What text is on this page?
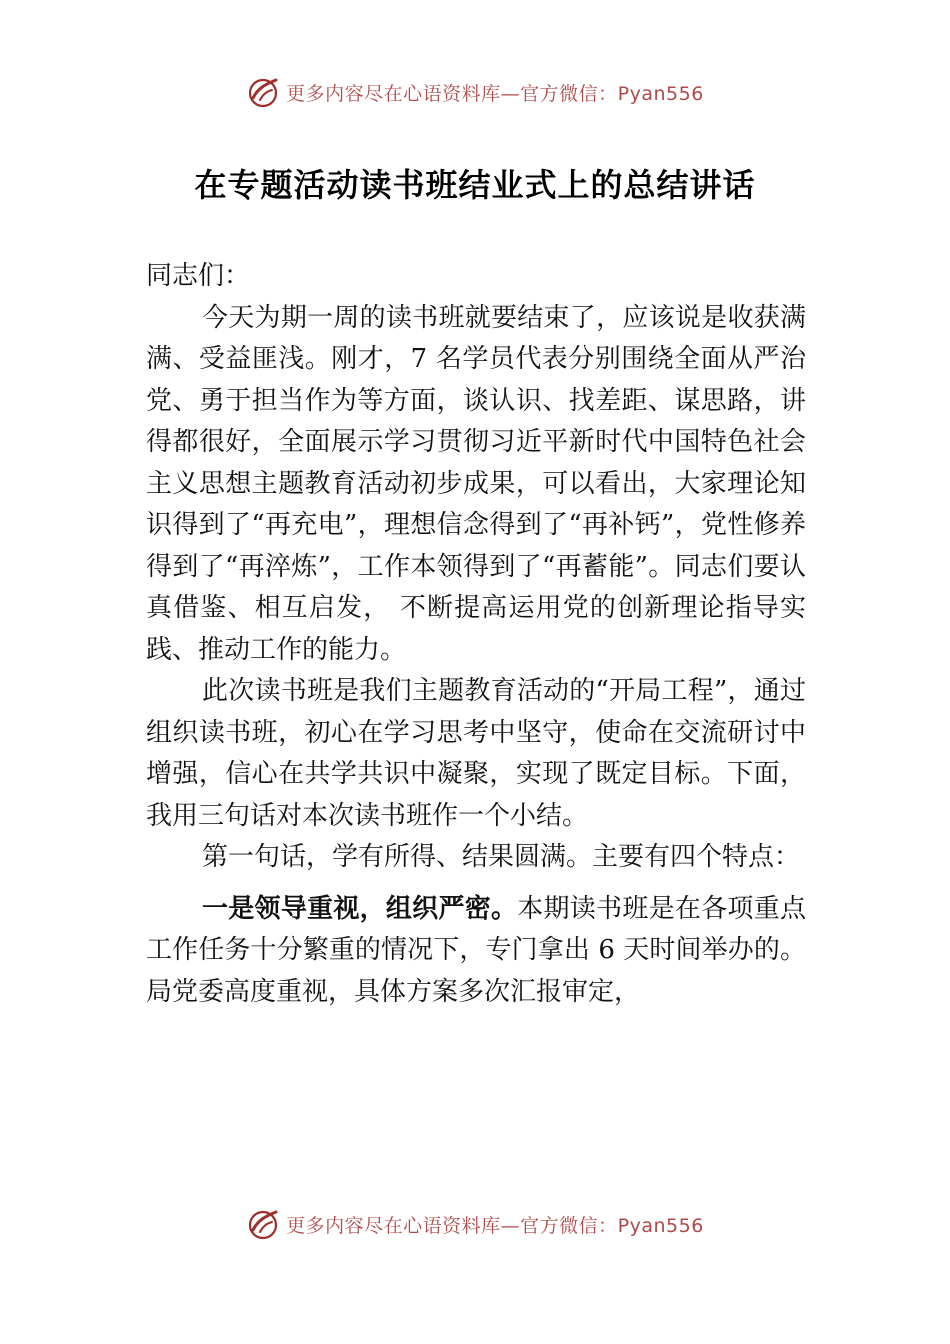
更多内容尽在心语资料库—官方微信：Pyan556
在专题活动读书班结业式上的总结讲话

同志们：

今天为期一周的读书班就要结束了，应该说是收获满满、受益匪浅。刚才，7 名学员代表分别围绕全面从严治党、勇于担当作为等方面，谈认识、找差距、谋思路，讲得都很好，全面展示学习贯彻习近平新时代中国特色社会主义思想主题教育活动初步成果，可以看出，大家理论知识得到了“再充电”，理想信念得到了“再补钙”，党性修养得到了“再淬炼”，工作本领得到了“再蓄能”。同志们要认真借鉴、相互启发， 不断提高运用党的创新理论指导实践、推动工作的能力。

此次读书班是我们主题教育活动的“开局工程”，通过组织读书班，初心在学习思考中坚守，使命在交流研讨中增强，信心在共学共识中凝聚，实现了既定目标。下面，我用三句话对本次读书班作一个小结。

第一句话，学有所得、结果圆满。主要有四个特点：

一是领导重视，组织严密。本期读书班是在各项重点工作任务十分繁重的情况下，专门拿出 6 天时间举办的。局党委高度重视，具体方案多次汇报审定，

更多内容尽在心语资料库—官方微信：Pyan556
